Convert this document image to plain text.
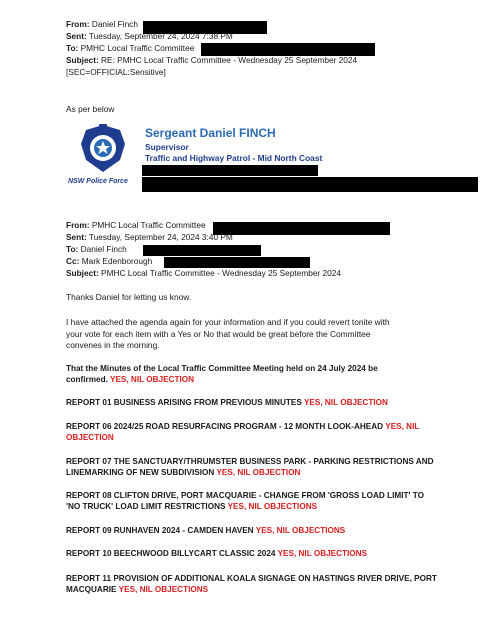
From: Daniel Finch
Sent: Tuesday, September 24, 2024 7:38 PM
To: PMHC Local Traffic Committee
Subject: RE: PMHC Local Traffic Committee - Wednesday 25 September 2024
[SEC=OFFICIAL:Sensitive]
As per below
NSW Police Force
Sergeant Daniel FINCH
Supervisor
Traffic and Highway Patrol - Mid North Coast
From: PMHC Local Traffic Committee
Sent: Tuesday, September 24, 2024 3:40 PM
To: Daniel Finch
Cc: Mark Edenborough
Subject: PMHC Local Traffic Committee - Wednesday 25 September 2024
Thanks Daniel for letting us know.
I have attached the agenda again for your information and if you could revert tonite with
your vote for each item with a Yes or No that would be great before the Committee
convenes in the morning.
That the Minutes of the Local Traffic Committee Meeting held on 24 July 2024 be
confirmed. YES, NIL OBJECTION
REPORT 01 BUSINESS ARISING FROM PREVIOUS MINUTES YES, NIL OBJECTION
REPORT 06 2024/25 ROAD RESURFACING PROGRAM - 12 MONTH LOOK-AHEAD YES, NIL
OBJECTION
REPORT 07 THE SANCTUARY/THRUMSTER BUSINESS PARK - PARKING RESTRICTIONS AND
LINEMARKING OF NEW SUBDIVISION YES, NIL OBJECTION
REPORT 08 CLIFTON DRIVE, PORT MACQUARIE - CHANGE FROM 'GROSS LOAD LIMIT' TO
'NO TRUCK' LOAD LIMIT RESTRICTIONS YES, NIL OBJECTIONS
REPORT 09 RUNHAVEN 2024 - CAMDEN HAVEN YES, NIL OBJECTIONS
REPORT 10 BEECHWOOD BILLYCART CLASSIC 2024 YES, NIL OBJECTIONS
REPORT 11 PROVISION OF ADDITIONAL KOALA SIGNAGE ON HASTINGS RIVER DRIVE, PORT
MACQUARIE YES, NIL OBJECTIONS
